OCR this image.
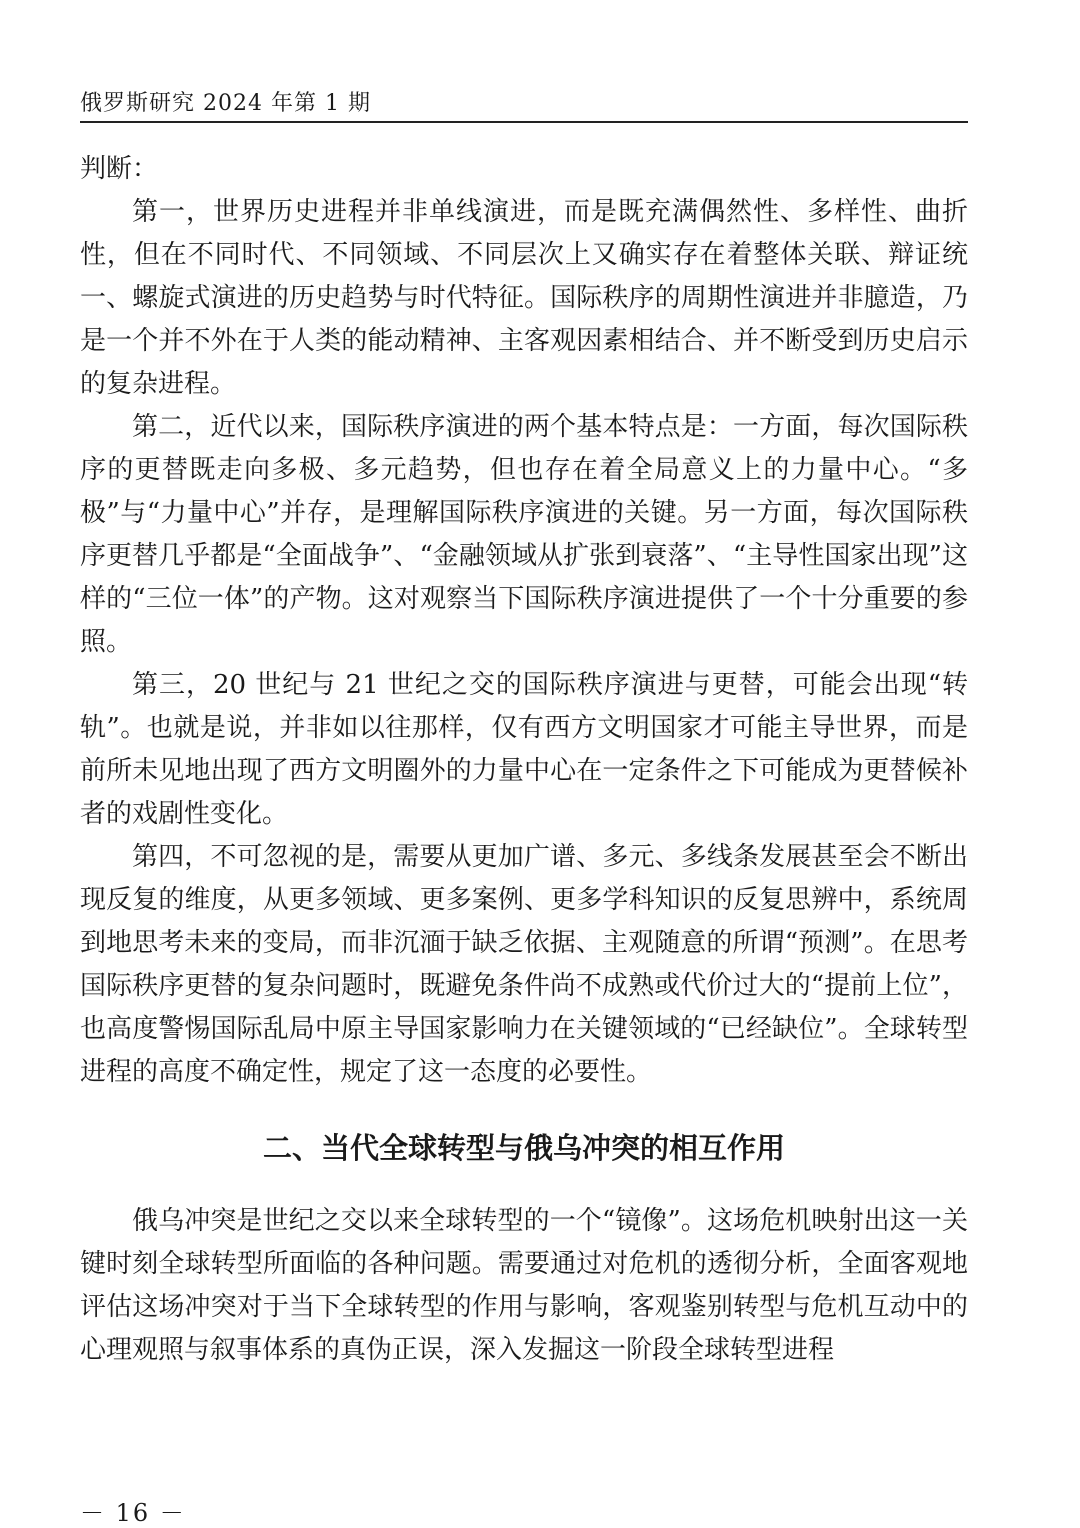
俄罗斯研究 2024 年第 1 期

判断：

第一，世界历史进程并非单线演进，而是既充满偶然性、多样性、曲折性，但在不同时代、不同领域、不同层次上又确实存在着整体关联、辩证统一、螺旋式演进的历史趋势与时代特征。国际秩序的周期性演进并非臆造，乃是一个并不外在于人类的能动精神、主客观因素相结合、并不断受到历史启示的复杂进程。

第二，近代以来，国际秩序演进的两个基本特点是：一方面，每次国际秩序的更替既走向多极、多元趋势，但也存在着全局意义上的力量中心。“多极”与“力量中心”并存，是理解国际秩序演进的关键。另一方面，每次国际秩序更替几乎都是“全面战争”、“金融领域从扩张到衰落”、“主导性国家出现”这样的“三位一体”的产物。这对观察当下国际秩序演进提供了一个十分重要的参照。

第三，20 世纪与 21 世纪之交的国际秩序演进与更替，可能会出现“转轨”。也就是说，并非如以往那样，仅有西方文明国家才可能主导世界，而是前所未见地出现了西方文明圈外的力量中心在一定条件之下可能成为更替候补者的戏剧性变化。

第四，不可忽视的是，需要从更加广谱、多元、多线条发展甚至会不断出现反复的维度，从更多领域、更多案例、更多学科知识的反复思辨中，系统周到地思考未来的变局，而非沉湎于缺乏依据、主观随意的所谓“预测”。在思考国际秩序更替的复杂问题时，既避免条件尚不成熟或代价过大的“提前上位”，也高度警惕国际乱局中原主导国家影响力在关键领域的“已经缺位”。全球转型进程的高度不确定性，规定了这一态度的必要性。

二、当代全球转型与俄乌冲突的相互作用

俄乌冲突是世纪之交以来全球转型的一个“镜像”。这场危机映射出这一关键时刻全球转型所面临的各种问题。需要通过对危机的透彻分析，全面客观地评估这场冲突对于当下全球转型的作用与影响，客观鉴别转型与危机互动中的心理观照与叙事体系的真伪正误，深入发掘这一阶段全球转型进程

－ 16 －
